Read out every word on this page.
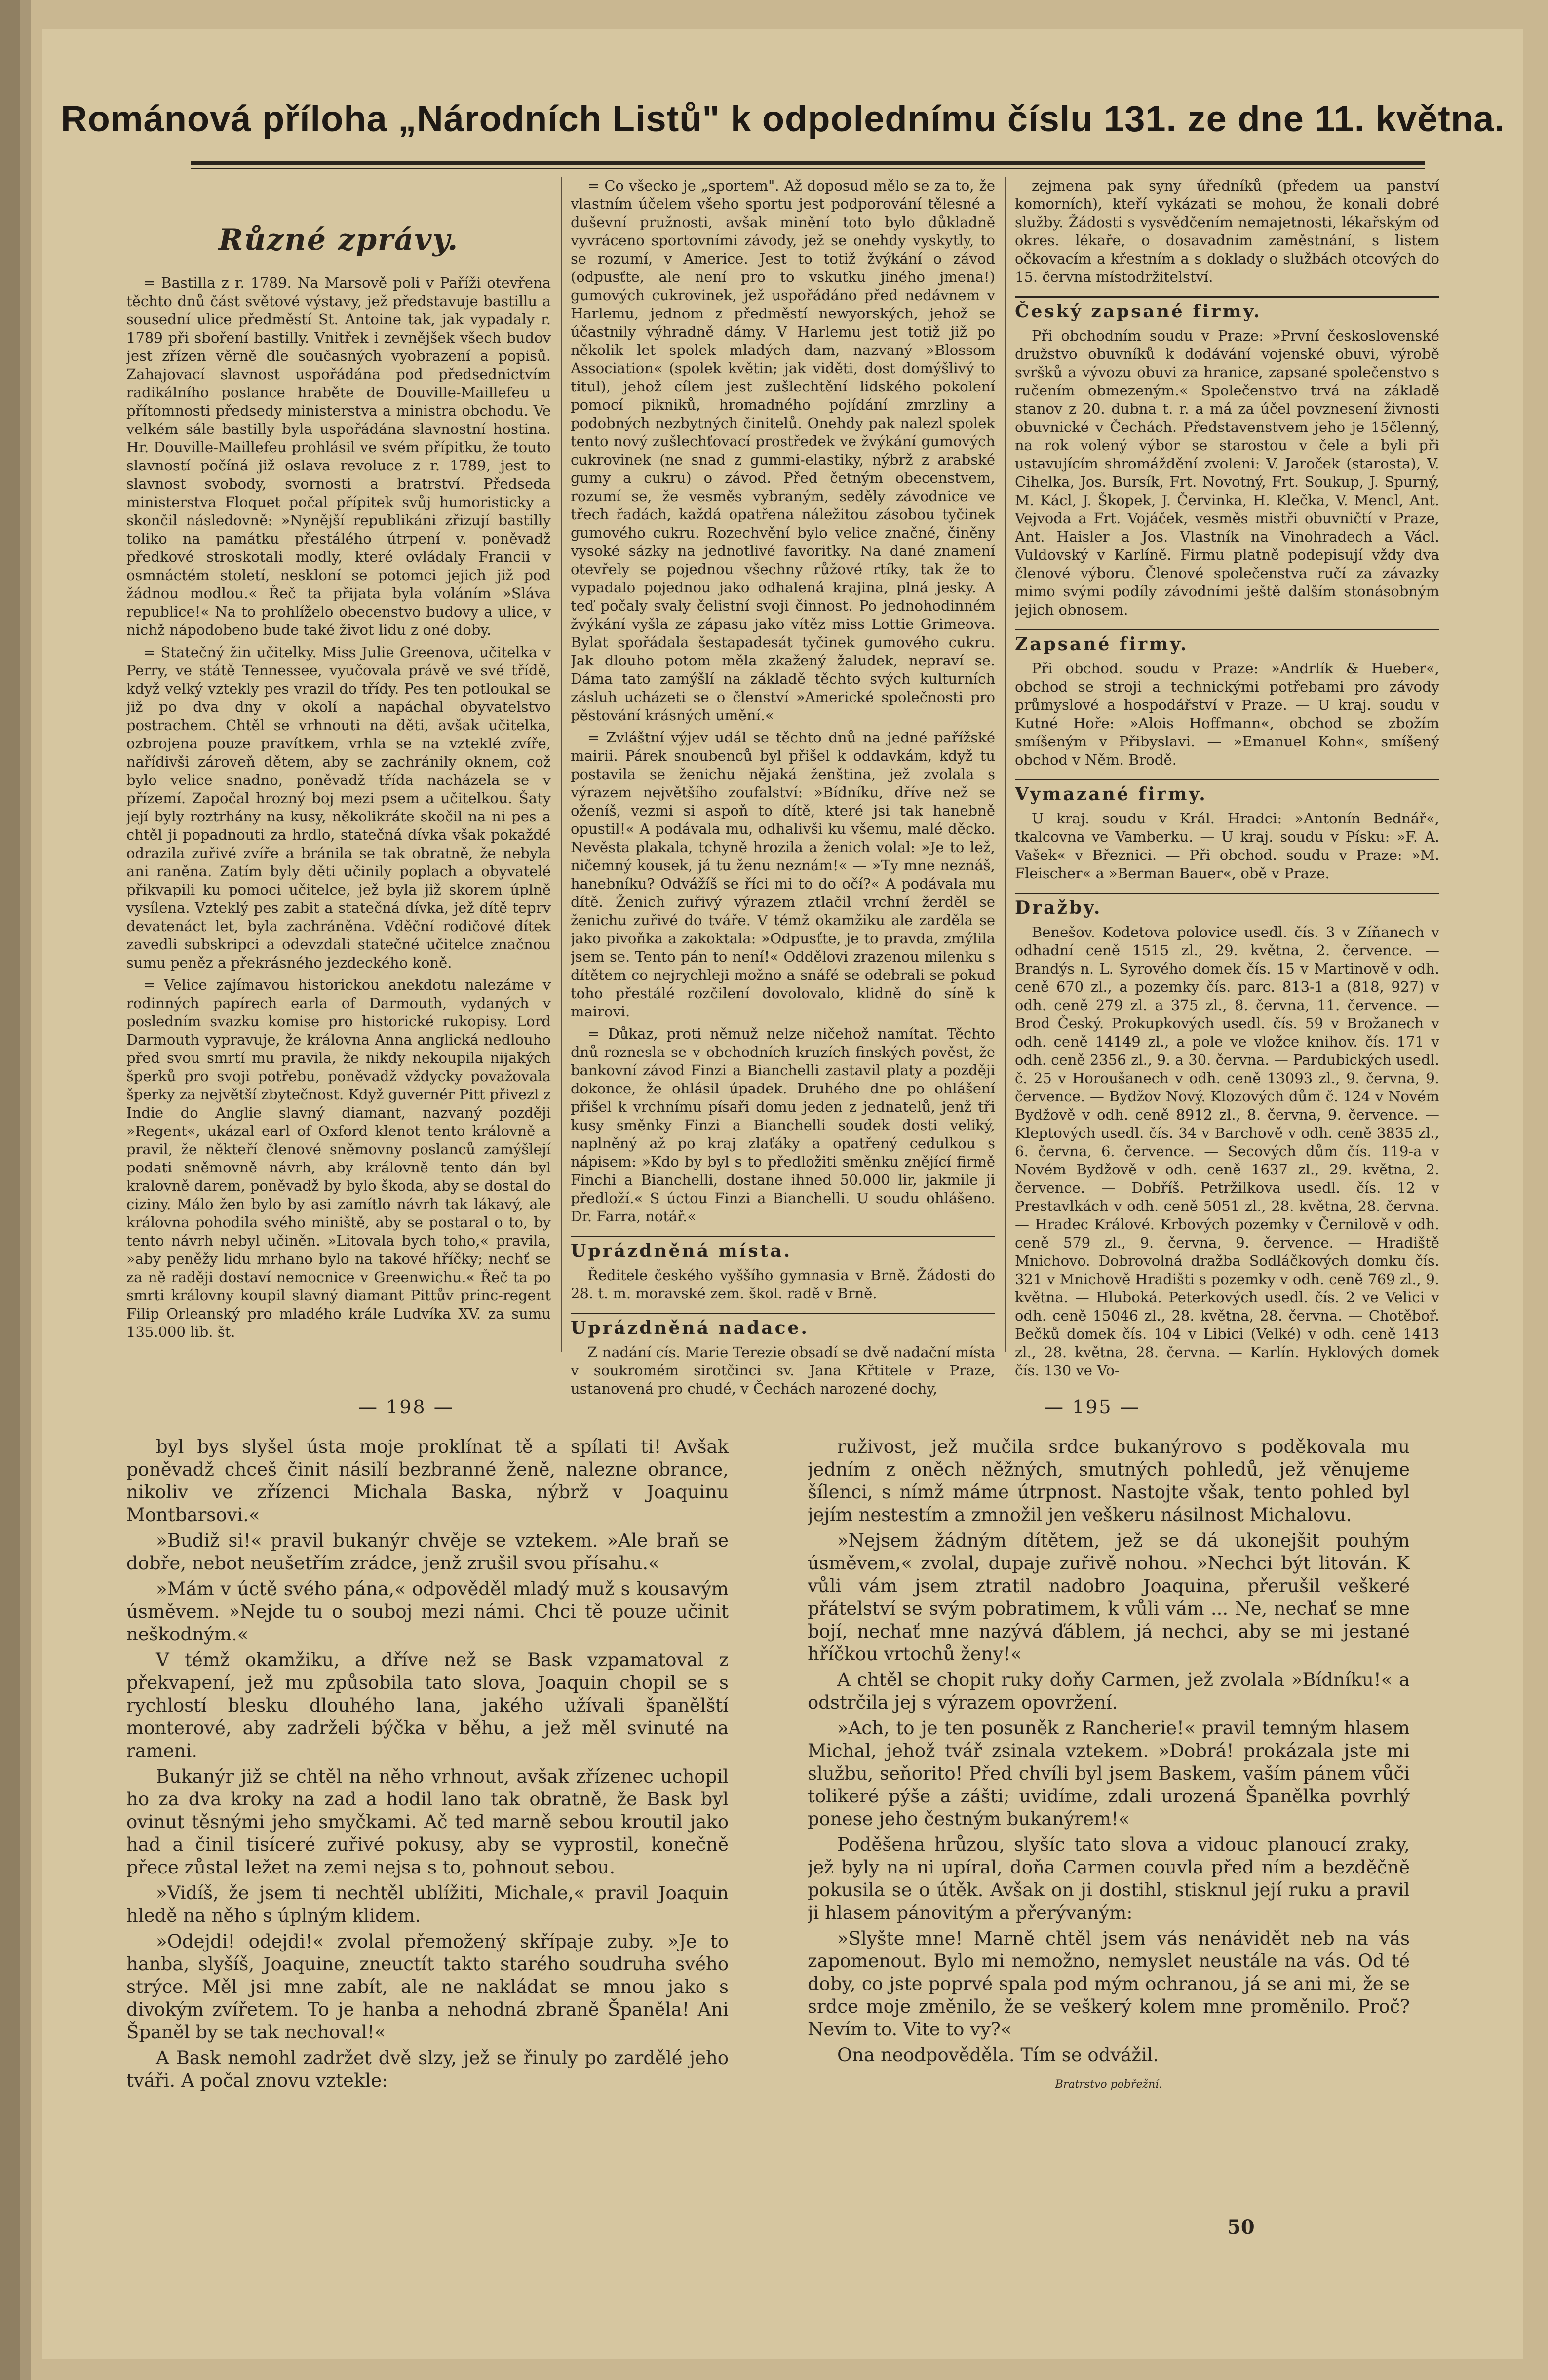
Románová příloha „Národních Listů" k odpolednímu číslu 131. ze dne 11. května.
Různé zprávy.

= Bastilla z r. 1789. Na Marsově poli v Paříži otevřena těchto dnů část světové výstavy, jež představuje bastillu a sousední ulice předměstí St. Antoine tak, jak vypadaly r. 1789 při sboření bastilly. Vnitřek i zevnějšek všech budov jest zřízen věrně dle současných vyobrazení a popisů. Zahajovací slavnost uspořádána pod předsednictvím radikálního poslance hraběte de Douville-Maillefeu u přítomnosti předsedy ministerstva a ministra obchodu. Ve velkém sále bastilly byla uspořádána slavnostní hostina. Hr. Douville-Maillefeu prohlásil ve svém přípitku, že touto slavností počíná již oslava revoluce z r. 1789, jest to slavnost svobody, svornosti a bratrství. Předseda ministerstva Floquet počal přípitek svůj humoristicky a skončil následovně: »Nynější republikáni zřizují bastilly toliko na památku přestálého útrpení v. poněvadž předkové stroskotali modly, které ovládaly Francii v osmnáctém století, neskloní se potomci jejich již pod žádnou modlou.« Řeč ta přijata byla voláním »Sláva republice!« Na to prohlíželo obecenstvo budovy a ulice, v nichž nápodobeno bude také život lidu z oné doby.

= Statečný žin učitelky. Miss Julie Greenova, učitelka v Perry, ve státě Tennessee, vyučovala právě ve své třídě, když velký vztekly pes vrazil do třídy. Pes ten potloukal se již po dva dny v okolí a napáchal obyvatelstvo postrachem. Chtěl se vrhnouti na děti, avšak učitelka, ozbrojena pouze pravítkem, vrhla se na vzteklé zvíře, nařídivši zároveň dětem, aby se zachránily oknem, což bylo velice snadno, poněvadž třída nacházela se v přízemí. Započal hrozný boj mezi psem a učitelkou. Šaty její byly roztrhány na kusy, několikráte skočil na ni pes a chtěl ji popadnouti za hrdlo, statečná dívka však pokaždé odrazila zuřivé zvíře a bránila se tak obratně, že nebyla ani raněna. Zatím byly děti učinily poplach a obyvatelé přikvapili ku pomoci učitelce, jež byla již skorem úplně vysílena. Vzteklý pes zabit a statečná dívka, jež dítě teprv devatenáct let, byla zachráněna. Vděční rodičové dítek zavedli subskripci a odevzdali statečné učitelce značnou sumu peněz a překrásného jezdeckého koně.

= Velice zajímavou historickou anekdotu nalezáme v rodinných papírech earla of Darmouth, vydaných v posledním svazku komise pro historické rukopisy. Lord Darmouth vypravuje, že královna Anna anglická nedlouho před svou smrtí mu pravila, že nikdy nekoupila nijakých šperků pro svoji potřebu, poněvadž vždycky považovala šperky za největší zbytečnost. Když guvernér Pitt přivezl z Indie do Anglie slavný diamant, nazvaný později »Regent«, ukázal earl of Oxford klenot tento královně a pravil, že někteří členové sněmovny poslanců zamýšlejí podati sněmovně návrh, aby královně tento dán byl kralovně darem, poněvadž by bylo škoda, aby se dostal do ciziny. Málo žen bylo by asi zamítlo návrh tak lákavý, ale královna pohodila svého miniště, aby se postaral o to, by tento návrh nebyl učiněn. »Litovala bych toho,« pravila, »aby peněžy lidu mrhano bylo na takové hříčky; nechť se za ně raději dostaví nemocnice v Greenwichu.« Řeč ta po smrti královny koupil slavný diamant Pittův princ-regent Filip Orleanský pro mladého krále Ludvíka XV. za sumu 135.000 lib. št.

= Co všecko je „sportem". Až doposud mělo se za to, že vlastním účelem všeho sportu jest podporování tělesné a duševní pružnosti, avšak minění toto bylo důkladně vyvráceno sportovními závody, jež se onehdy vyskytly, to se rozumí, v Americe. Jest to totiž žvýkání o závod (odpusťte, ale není pro to vskutku jiného jmena!) gumových cukrovinek, jež uspořádáno před nedávnem v Harlemu, jednom z předměstí newyorských, jehož se účastnily výhradně dámy. V Harlemu jest totiž již po několik let spolek mladých dam, nazvaný »Blossom Association« (spolek květin; jak viděti, dost domýšlivý to titul), jehož cílem jest zušlechtění lidského pokolení pomocí pikniků, hromadného pojídání zmrzliny a podobných nezbytných činitelů. Onehdy pak nalezl spolek tento nový zušlechťovací prostředek ve žvýkání gumových cukrovinek (ne snad z gummi-elastiky, nýbrž z arabské gumy a cukru) o závod. Před četným obecenstvem, rozumí se, že vesměs vybraným, seděly závodnice ve třech řadách, každá opatřena náležitou zásobou tyčinek gumového cukru. Rozechvění bylo velice značné, činěny vysoké sázky na jednotlivé favoritky. Na dané znamení otevřely se pojednou všechny růžové rtíky, tak že to vypadalo pojednou jako odhalená krajina, plná jesky. A teď počaly svaly čelistní svoji činnost. Po jednohodinném žvýkání vyšla ze zápasu jako vítěz miss Lottie Grimeova. Bylat spořádala šestapadesát tyčinek gumového cukru. Jak dlouho potom měla zkažený žaludek, nepraví se. Dáma tato zamýšlí na základě těchto svých kulturních zásluh ucházeti se o členství »Americké společnosti pro pěstování krásných umění.«

= Zvláštní výjev udál se těchto dnů na jedné pařížské mairii. Párek snoubenců byl přišel k oddavkám, když tu postavila se ženichu nějaká ženština, jež zvolala s výrazem největšího zoufalství: »Bídníku, dříve než se oženíš, vezmi si aspoň to dítě, které jsi tak hanebně opustil!« A podávala mu, odhalivši ku všemu, malé děcko. Nevěsta plakala, tchyně hrozila a ženich volal: »Je to lež, ničemný kousek, já tu ženu neznám!« — »Ty mne neznáš, hanebníku? Odvážíš se říci mi to do očí?« A podávala mu dítě. Ženich zuřivý výrazem ztlačil vrchní žerděl se ženichu zuřivé do tváře. V témž okamžiku ale zarděla se jako pivoňka a zakoktala: »Odpusťte, je to pravda, zmýlila jsem se. Tento pán to není!« Oddělovi zrazenou milenku s dítětem co nejrychleji možno a snáfé se odebrali se pokud toho přestálé rozčilení dovolovalo, klidně do síně k mairovi.

= Důkaz, proti němuž nelze ničehož namítat. Těchto dnů roznesla se v obchodních kruzích finských pověst, že bankovní závod Finzi a Bianchelli zastavil platy a později dokonce, že ohlásil úpadek. Druhého dne po ohlášení přišel k vrchnímu písaři domu jeden z jednatelů, jenž tři kusy směnky Finzi a Bianchelli soudek dosti veliký, naplněný až po kraj zlaťáky a opatřený cedulkou s nápisem: »Kdo by byl s to předložiti směnku znějící firmě Finchi a Bianchelli, dostane ihned 50.000 lir, jakmile ji předloží.« S úctou Finzi a Bianchelli. U soudu ohlášeno. Dr. Farra, notář.«

Uprázdněná místa.

Ředitele českého vyššího gymnasia v Brně. Žádosti do 28. t. m. moravské zem. škol. radě v Brně.

Uprázdněná nadace.

Z nadání cís. Marie Terezie obsadí se dvě nadační místa v soukromém sirotčinci sv. Jana Křtitele v Praze, ustanovená pro chudé, v Čechách narozené dochy,

zejmena pak syny úředníků (předem ua panství komorních), kteří vykázati se mohou, že konali dobré služby. Žádosti s vysvědčením nemajetnosti, lékařským od okres. lékaře, o dosavadním zaměstnání, s listem očkovacím a křestním a s doklady o službách otcových do 15. června místodržitelství.

Český zapsané firmy.

Při obchodním soudu v Praze: »První československé družstvo obuvníků k dodávání vojenské obuvi, výrobě svršků a vývozu obuvi za hranice, zapsané společenstvo s ručením obmezeným.« Společenstvo trvá na základě stanov z 20. dubna t. r. a má za účel povznesení živnosti obuvnické v Čechách. Představenstvem jeho je 15členný, na rok volený výbor se starostou v čele a byli při ustavujícím shromáždění zvoleni: V. Jaroček (starosta), V. Cihelka, Jos. Bursík, Frt. Novotný, Frt. Soukup, J. Spurný, M. Kácl, J. Škopek, J. Červinka, H. Klečka, V. Mencl, Ant. Vejvoda a Frt. Vojáček, vesměs mistři obuvničtí v Praze, Ant. Haisler a Jos. Vlastník na Vinohradech a Václ. Vuldovský v Karlíně. Firmu platně podepisují vždy dva členové výboru. Členové společenstva ručí za závazky mimo svými podíly závodními ještě dalším stonásobným jejich obnosem.

Zapsané firmy.

Při obchod. soudu v Praze: »Andrlík & Hueber«, obchod se stroji a technickými potřebami pro závody průmyslové a hospodářství v Praze. — U kraj. soudu v Kutné Hoře: »Alois Hoffmann«, obchod se zbožím smíšeným v Přibyslavi. — »Emanuel Kohn«, smíšený obchod v Něm. Brodě.

Vymazané firmy.

U kraj. soudu v Král. Hradci: »Antonín Bednář«, tkalcovna ve Vamberku. — U kraj. soudu v Písku: »F. A. Vašek« v Březnici. — Při obchod. soudu v Praze: »M. Fleischer« a »Berman Bauer«, obě v Praze.

Dražby.

Benešov. Kodetova polovice usedl. čís. 3 v Zíňanech v odhadní ceně 1515 zl., 29. května, 2. července. — Brandýs n. L. Syrového domek čís. 15 v Martinově v odh. ceně 670 zl., a pozemky čís. parc. 813-1 a (818, 927) v odh. ceně 279 zl. a 375 zl., 8. června, 11. července. — Brod Český. Prokupkových usedl. čís. 59 v Brožanech v odh. ceně 14149 zl., a pole ve vložce knihov. čís. 171 v odh. ceně 2356 zl., 9. a 30. června. — Pardubických usedl. č. 25 v Horoušanech v odh. ceně 13093 zl., 9. června, 9. července. — Bydžov Nový. Klozových dům č. 124 v Novém Bydžově v odh. ceně 8912 zl., 8. června, 9. července. — Kleptových usedl. čís. 34 v Barchově v odh. ceně 3835 zl., 6. června, 6. července. — Secových dům čís. 119-a v Novém Bydžově v odh. ceně 1637 zl., 29. května, 2. července. — Dobříš. Petržilkova usedl. čís. 12 v Prestavlkách v odh. ceně 5051 zl., 28. května, 28. června. — Hradec Králové. Krbových pozemky v Černilově v odh. ceně 579 zl., 9. června, 9. července. — Hradiště Mnichovo. Dobrovolná dražba Sodláčkových domku čís. 321 v Mnichově Hradišti s pozemky v odh. ceně 769 zl., 9. května. — Hluboká. Peterkových usedl. čís. 2 ve Velici v odh. ceně 15046 zl., 28. května, 28. června. — Chotěboř. Bečků domek čís. 104 v Libici (Velké) v odh. ceně 1413 zl., 28. května, 28. června. — Karlín. Hyklových domek čís. 130 ve Vo-

— 198 —	— 195 —

byl bys slyšel ústa moje proklínat tě a spílati ti! Avšak poněvadž chceš činit násilí bezbranné ženě, nalezne obrance, nikoliv ve zřízenci Michala Baska, nýbrž v Joaquinu Montbarsovi.«

»Budiž si!« pravil bukanýr chvěje se vztekem. »Ale braň se dobře, nebot neušetřím zrádce, jenž zrušil svou přísahu.«

»Mám v úctě svého pána,« odpověděl mladý muž s kousavým úsměvem. »Nejde tu o souboj mezi námi. Chci tě pouze učinit neškodným.«

V témž okamžiku, a dříve než se Bask vzpamatoval z překvapení, jež mu způsobila tato slova, Joaquin chopil se s rychlostí blesku dlouhého lana, jakého užívali španělští monterové, aby zadrželi býčka v běhu, a jež měl svinuté na rameni.

Bukanýr již se chtěl na něho vrhnout, avšak zřízenec uchopil ho za dva kroky na zad a hodil lano tak obratně, že Bask byl ovinut těsnými jeho smyčkami. Ač ted marně sebou kroutil jako had a činil tisíceré zuřivé pokusy, aby se vyprostil, konečně přece zůstal ležet na zemi nejsa s to, pohnout sebou.

»Vidíš, že jsem ti nechtěl ublížiti, Michale,« pravil Joaquin hledě na něho s úplným klidem.

»Odejdi! odejdi!« zvolal přemožený skřípaje zuby. »Je to hanba, slyšíš, Joaquine, zneuctít takto starého soudruha svého strýce. Měl jsi mne zabít, ale ne nakládat se mnou jako s divokým zvířetem. To je hanba a nehodná zbraně Španěla! Ani Španěl by se tak nechoval!«

A Bask nemohl zadržet dvě slzy, jež se řinuly po zardělé jeho tváři. A počal znovu vztekle:

ruživost, jež mučila srdce bukanýrovo s poděkovala mu jedním z oněch něžných, smutných pohledů, jež věnujeme šílenci, s nímž máme útrpnost. Nastojte však, tento pohled byl jejím nestestím a zmnožil jen veškeru násilnost Michalovu.

»Nejsem žádným dítětem, jež se dá ukonejšit pouhým úsměvem,« zvolal, dupaje zuřivě nohou. »Nechci být litován. K vůli vám jsem ztratil nadobro Joaquina, přerušil veškeré přátelství se svým pobratimem, k vůli vám ... Ne, nechať se mne bojí, nechať mne nazývá ďáblem, já nechci, aby se mi jestané hříčkou vrtochů ženy!«

A chtěl se chopit ruky doňy Carmen, jež zvolala »Bídníku!« a odstrčila jej s výrazem opovržení.

»Ach, to je ten posuněk z Rancherie!« pravil temným hlasem Michal, jehož tvář zsinala vztekem. »Dobrá! prokázala jste mi službu, seňorito! Před chvíli byl jsem Baskem, vaším pánem vůči tolikeré pýše a zášti; uvidíme, zdali urozená Španělka povrhlý ponese jeho čestným bukanýrem!«

Poděšena hrůzou, slyšíc tato slova a vidouc planoucí zraky, jež byly na ni upíral, doňa Carmen couvla před ním a bezděčně pokusila se o útěk. Avšak on ji dostihl, stisknul její ruku a pravil ji hlasem pánovitým a přerývaným:

»Slyšte mne! Marně chtěl jsem vás nenávidět neb na vás zapomenout. Bylo mi nemožno, nemyslet neustále na vás. Od té doby, co jste poprvé spala pod mým ochranou, já se ani mi, že se srdce moje změnilo, že se veškerý kolem mne proměnilo. Proč? Nevím to. Vite to vy?«

Ona neodpověděla. Tím se odvážil.

Bratrstvo pobřežní.
50
